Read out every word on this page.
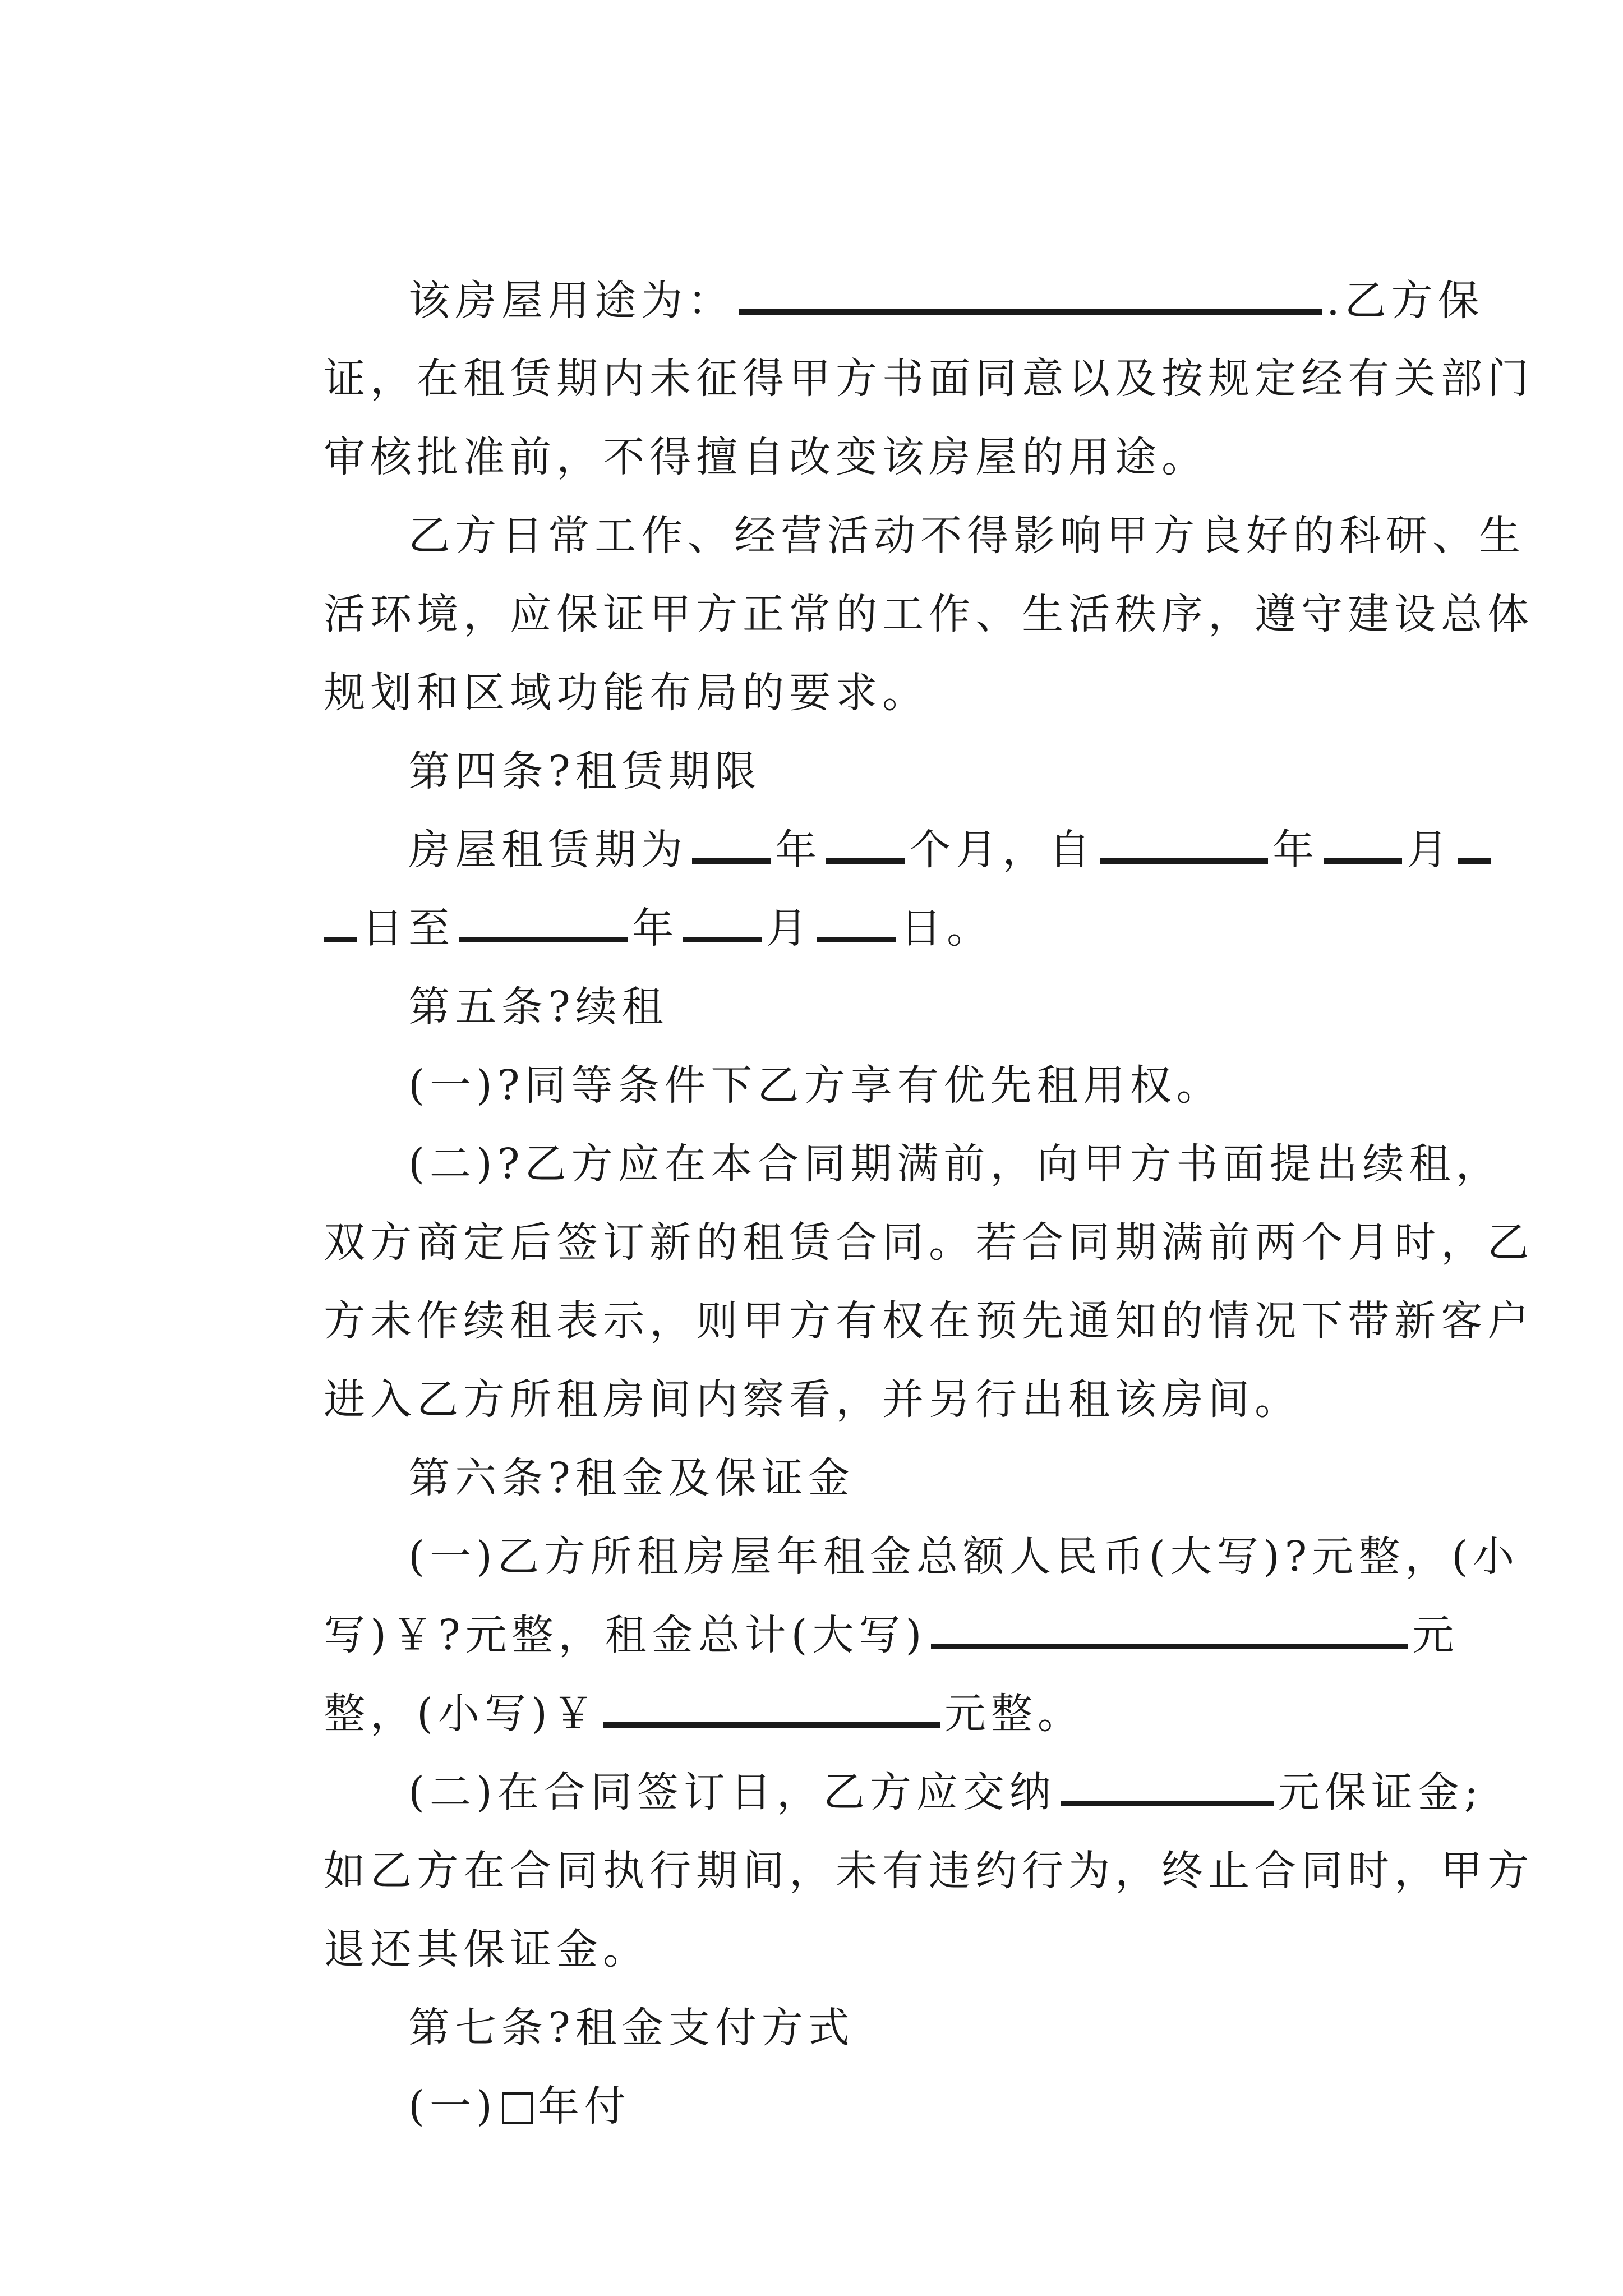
该房屋用途为：	.乙方保

证，在租赁期内未征得甲方书面同意以及按规定经有关部门

审核批准前，不得擅自改变该房屋的用途。

乙方日常工作、经营活动不得影响甲方良好的科研、生

活环境，应保证甲方正常的工作、生活秩序，遵守建设总体

规划和区域功能布局的要求。

第四条?租赁期限

房屋租赁期为 年 个月，自	年 月

日至	年 月 日。

第五条?续租

(一)?同等条件下乙方享有优先租用权。

(二)?乙方应在本合同期满前，向甲方书面提出续租，

双方商定后签订新的租赁合同。若合同期满前两个月时，乙

方未作续租表示，则甲方有权在预先通知的情况下带新客户

进入乙方所租房间内察看，并另行出租该房间。

第六条?租金及保证金

(一)乙方所租房屋年租金总额人民币(大写)?元整，(小

写)￥?元整，租金总计(大写)	元

整，(小写)￥	元整。

(二)在合同签订日，乙方应交纳	元保证金;

如乙方在合同执行期间，未有违约行为，终止合同时，甲方

退还其保证金。

第七条?租金支付方式

(一) 年付
